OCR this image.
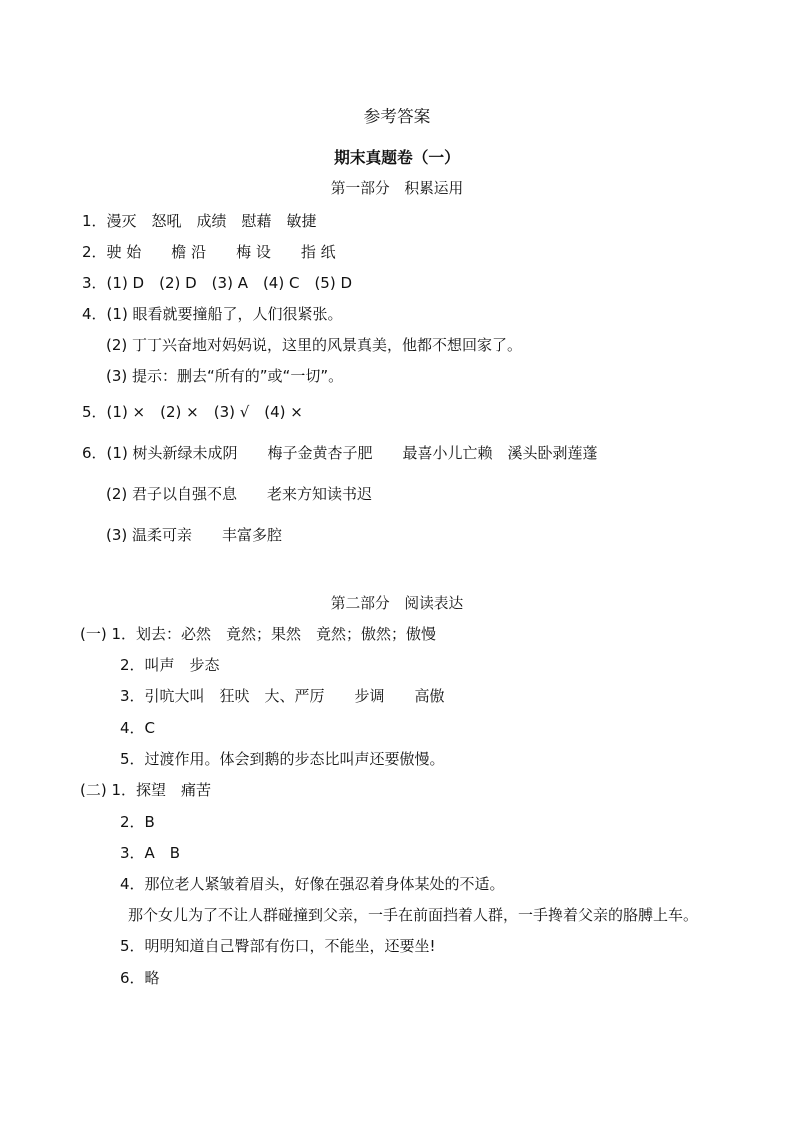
参考答案
期末真题卷（一）
第一部分　积累运用
1．漫灭　怒吼　成绩　慰藉　敏捷
2．驶 始　　檐 沿　　梅 设　　指 纸
3．(1) D　(2) D　(3) A　(4) C　(5) D
4．(1) 眼看就要撞船了，人们很紧张。
(2) 丁丁兴奋地对妈妈说，这里的风景真美，他都不想回家了。
(3) 提示：删去“所有的”或“一切”。
5．(1) ×　(2) ×　(3) √　(4) ×
6．(1) 树头新绿未成阴　　梅子金黄杏子肥　　最喜小儿亡赖　溪头卧剥莲蓬
(2) 君子以自强不息　　老来方知读书迟
(3) 温柔可亲　　丰富多腔
第二部分　阅读表达
(一) 1．划去：必然　竟然；果然　竟然；傲然；傲慢
2．叫声　步态
3．引吭大叫　狂吠　大、严厉　　步调　　高傲
4．C
5．过渡作用。体会到鹅的步态比叫声还要傲慢。
(二) 1．探望　痛苦
2．B
3．A　B
4．那位老人紧皱着眉头，好像在强忍着身体某处的不适。
那个女儿为了不让人群碰撞到父亲，一手在前面挡着人群，一手搀着父亲的胳膊上车。
5．明明知道自己臀部有伤口，不能坐，还要坐!
6．略
